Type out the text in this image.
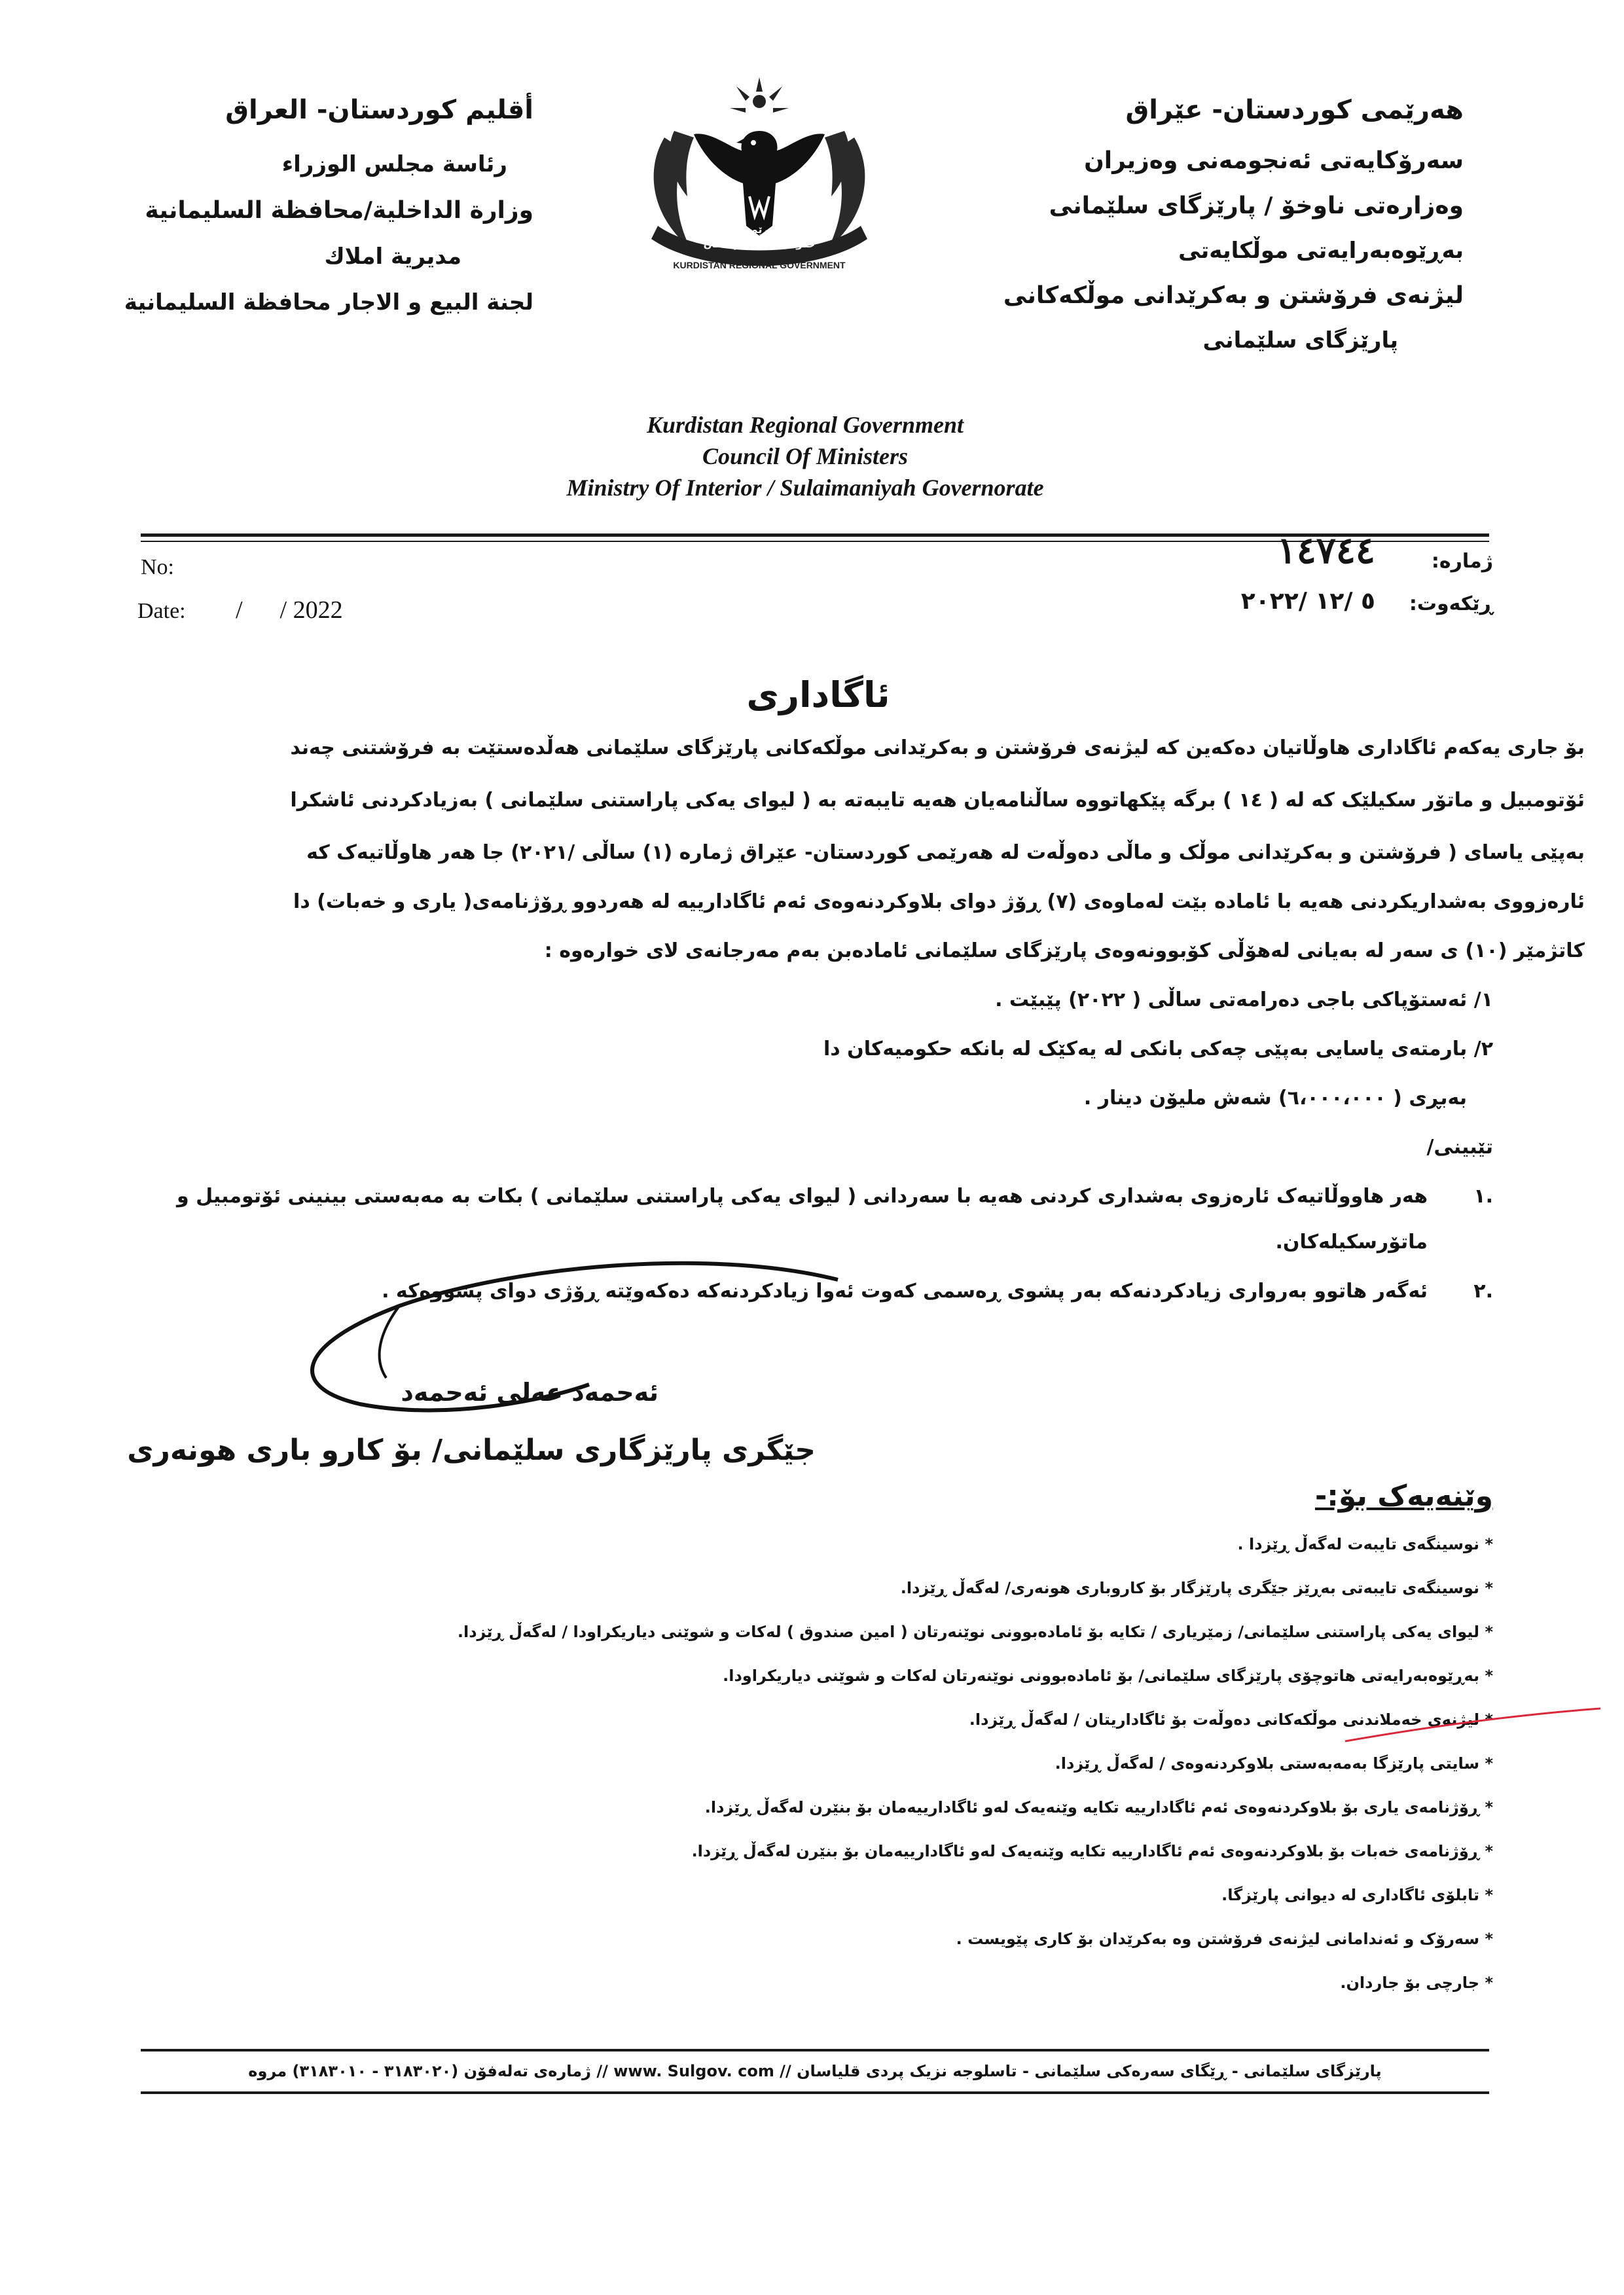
هەرێمی کوردستان- عێراق
سەرۆکایەتی ئەنجومەنی وەزیران
وەزارەتی ناوخۆ / پارێزگای سلێمانی
بەڕێوەبەرایەتی موڵکایەتی
لیژنەی فرۆشتن و بەکرێدانی موڵکەکانی
پارێزگای سلێمانی
أقليم كوردستان- العراق
رئاسة مجلس الوزراء
وزارة الداخلية/محافظة السليمانية
مديرية املاك
لجنة البيع و الاجار محافظة السليمانية
حکومەتی هەرێمی کوردستان
حكومة اقليم كوردستان
KURDISTAN REGIONAL GOVERNMENT
Kurdistan Regional Government
Council Of Ministers
Ministry Of Interior / Sulaimaniyah Governorate
No:
Date: /      / 2022
ژمارە:
١٤٧٤٤
ڕێکەوت:
٥ /١٢ /٢٠٢٢
ئاگاداری
بۆ جاری یەکەم ئاگاداری هاوڵاتیان دەکەین کە لیژنەی فرۆشتن و بەکرێدانی موڵکەکانی پارێزگای سلێمانی هەڵدەستێت بە فرۆشتنی چەند
ئۆتومبیل و ماتۆر سکیلێک کە لە ( ١٤ ) برگە پێکهاتووە ساڵنامەیان هەیە تایبەتە بە ( لیوای یەکی پاراستنی سلێمانی ) بەزیادکردنی ئاشکرا
بەپێی یاسای ( فرۆشتن و بەکرێدانی موڵک و ماڵی دەوڵەت لە هەرێمی کوردستان- عێراق ژمارە (١) ساڵی /٢٠٢١) جا هەر هاوڵاتیەک کە
ئارەزووی بەشداریکردنی هەیە با ئامادە بێت لەماوەی (٧) ڕۆژ دوای بلاوکردنەوەی ئەم ئاگادارییە لە هەردوو ڕۆژنامەی( یاری و خەبات) دا
کاتژمێر (١٠) ی سەر لە بەیانی لەهۆڵی کۆبوونەوەی پارێزگای سلێمانی ئامادەبن بەم مەرجانەی لای خوارەوە :
١/ ئەستۆپاکی باجی دەرامەتی ساڵی ( ٢٠٢٢) پێبێت .
٢/ بارمتەی یاسایی بەپێی چەکی بانکی لە یەکێک لە بانکە حکومیەکان دا
بەبڕی ( ٦،٠٠٠،٠٠٠) شەش ملیۆن دینار .
تێبینی/
.١
هەر هاووڵاتیەک ئارەزوی بەشداری کردنی هەیە با سەردانی ( لیوای یەکی پاراستنی سلێمانی ) بکات بە مەبەستی بینینی ئۆتومبیل و
ماتۆرسکیلەکان.
.٢
ئەگەر هاتوو بەرواری زیادکردنەکە بەر پشوی ڕەسمی کەوت ئەوا زیادکردنەکە دەکەوێتە ڕۆژی دوای پشووەکە .
ئەحمەد عەلی ئەحمەد
جێگری پارێزگاری سلێمانی/ بۆ کارو باری هونەری
وێنەیەک بۆ:-
* نوسینگەی تایبەت لەگەڵ ڕێزدا .
* نوسینگەی تایبەتی بەڕێز جێگری پارێزگار بۆ کاروباری هونەری/ لەگەڵ ڕێزدا.
* لیوای یەکی پاراستنی سلێمانی/ زمێریاری / تکایە بۆ ئامادەبوونی نوێنەرتان ( امین صندوق ) لەکات و شوێنی دیاریکراودا / لەگەڵ ڕێزدا.
* بەڕێوەبەرایەتی هاتوچۆی پارێزگای سلێمانی/ بۆ ئامادەبوونی نوێنەرتان لەکات و شوێنی دیاریکراودا.
* لیژنەی خەملاندنی موڵکەکانی دەوڵەت بۆ ئاگاداریتان / لەگەڵ ڕێزدا.
* سایتی پارێزگا بەمەبەستی بلاوکردنەوەی / لەگەڵ ڕێزدا.
* ڕۆژنامەی یاری بۆ بلاوکردنەوەی ئەم ئاگادارییە تکایە وێنەیەک لەو ئاگادارییەمان بۆ بنێرن لەگەڵ ڕێزدا.
* ڕۆژنامەی خەبات بۆ بلاوکردنەوەی ئەم ئاگادارییە تکایە وێنەیەک لەو ئاگادارییەمان بۆ بنێرن لەگەڵ ڕێزدا.
* تابلۆی ئاگاداری لە دیوانی پارێزگا.
* سەرۆک و ئەندامانی لیژنەی فرۆشتن وە بەکرێدان بۆ کاری پێویست .
* جارچی بۆ جاردان.
پارێزگای سلێمانی - ڕێگای سەرەکی سلێمانی - تاسلوجە نزیک پردی قلیاسان // www. Sulgov. com // ژمارەی تەلەفۆن (٣١٨٣٠٢٠ - ٣١٨٣٠١٠) مروە
